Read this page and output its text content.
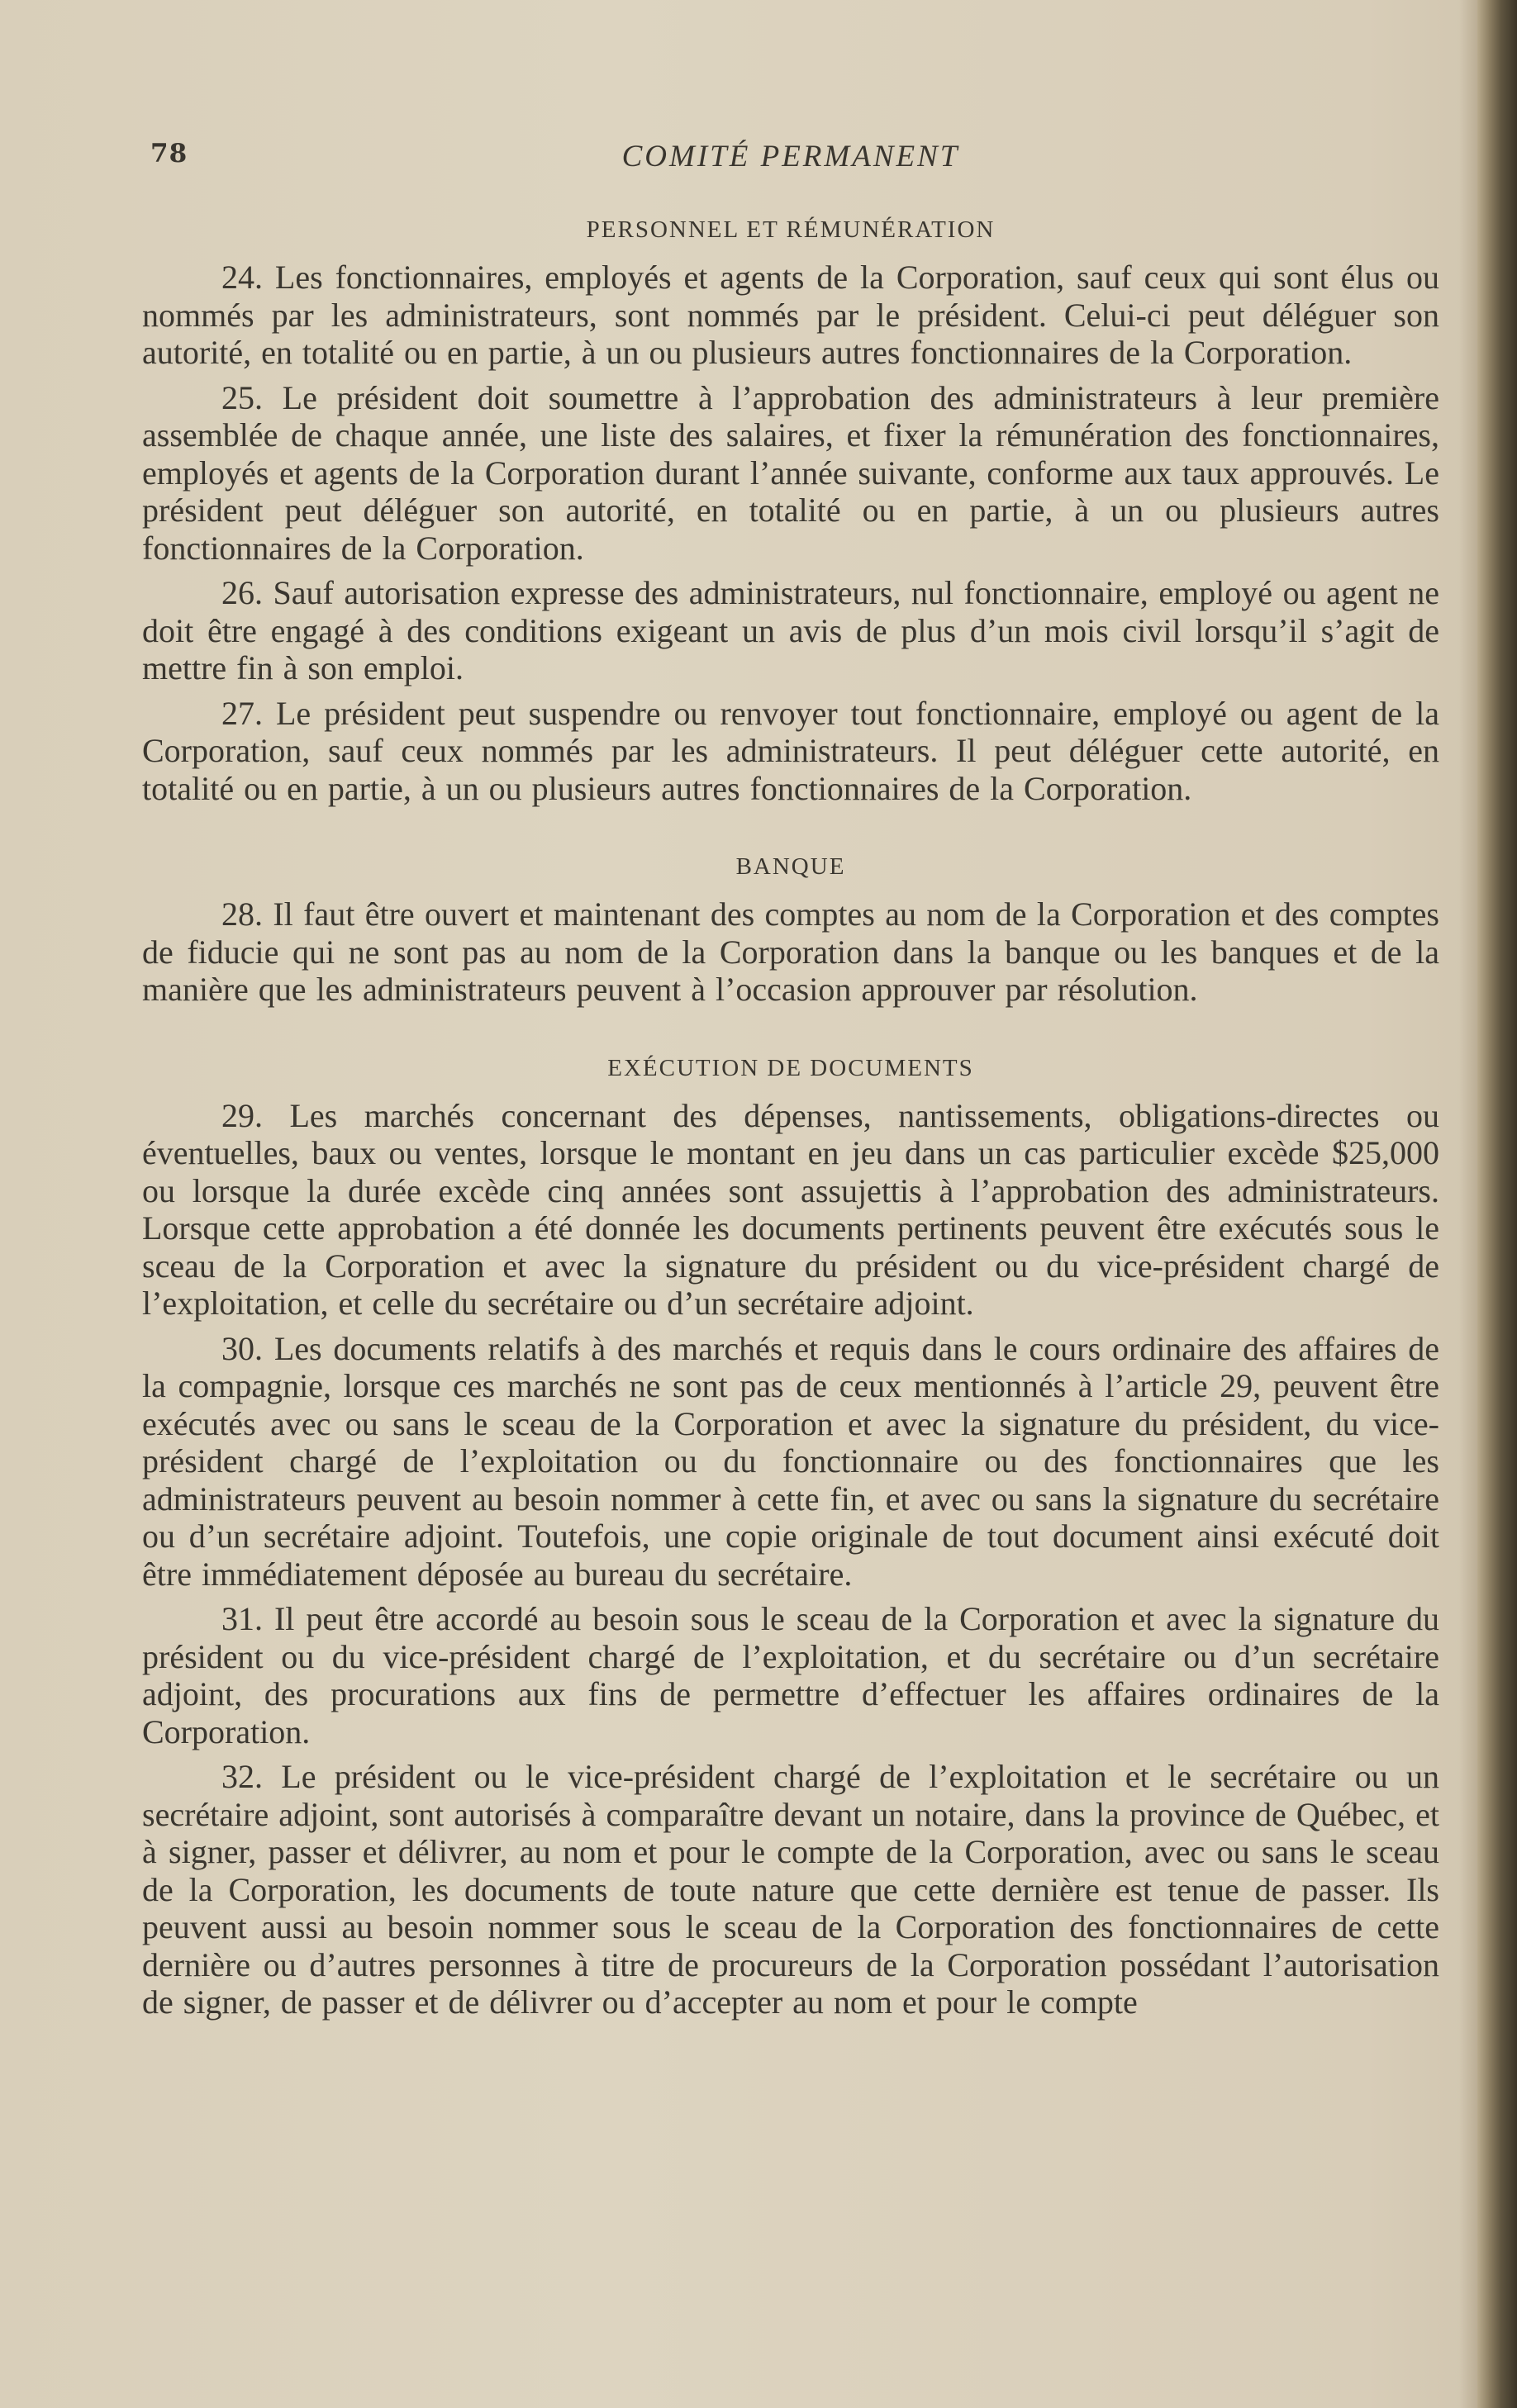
78	COMITÉ PERMANENT
PERSONNEL ET RÉMUNÉRATION

24. Les fonctionnaires, employés et agents de la Corporation, sauf ceux qui sont élus ou nommés par les administrateurs, sont nommés par le président. Celui-ci peut déléguer son autorité, en totalité ou en partie, à un ou plusieurs autres fonctionnaires de la Corporation.

25. Le président doit soumettre à l’approbation des administrateurs à leur première assemblée de chaque année, une liste des salaires, et fixer la rémunération des fonctionnaires, employés et agents de la Corporation durant l’année suivante, conforme aux taux approuvés. Le président peut déléguer son autorité, en totalité ou en partie, à un ou plusieurs autres fonctionnaires de la Corporation.

26. Sauf autorisation expresse des administrateurs, nul fonctionnaire, employé ou agent ne doit être engagé à des conditions exigeant un avis de plus d’un mois civil lorsqu’il s’agit de mettre fin à son emploi.

27. Le président peut suspendre ou renvoyer tout fonctionnaire, employé ou agent de la Corporation, sauf ceux nommés par les administrateurs. Il peut déléguer cette autorité, en totalité ou en partie, à un ou plusieurs autres fonctionnaires de la Corporation.

BANQUE

28. Il faut être ouvert et maintenant des comptes au nom de la Corporation et des comptes de fiducie qui ne sont pas au nom de la Corporation dans la banque ou les banques et de la manière que les administrateurs peuvent à l’occasion approuver par résolution.

EXÉCUTION DE DOCUMENTS

29. Les marchés concernant des dépenses, nantissements, obligations-directes ou éventuelles, baux ou ventes, lorsque le montant en jeu dans un cas particulier excède $25,000 ou lorsque la durée excède cinq années sont assujettis à l’approbation des administrateurs. Lorsque cette approbation a été donnée les documents pertinents peuvent être exécutés sous le sceau de la Corporation et avec la signature du président ou du vice-président chargé de l’exploitation, et celle du secrétaire ou d’un secrétaire adjoint.

30. Les documents relatifs à des marchés et requis dans le cours ordinaire des affaires de la compagnie, lorsque ces marchés ne sont pas de ceux mentionnés à l’article 29, peuvent être exécutés avec ou sans le sceau de la Corporation et avec la signature du président, du vice-président chargé de l’exploitation ou du fonctionnaire ou des fonctionnaires que les administrateurs peuvent au besoin nommer à cette fin, et avec ou sans la signature du secrétaire ou d’un secrétaire adjoint. Toutefois, une copie originale de tout document ainsi exécuté doit être immédiatement déposée au bureau du secrétaire.

31. Il peut être accordé au besoin sous le sceau de la Corporation et avec la signature du président ou du vice-président chargé de l’exploitation, et du secrétaire ou d’un secrétaire adjoint, des procurations aux fins de permettre d’effectuer les affaires ordinaires de la Corporation.

32. Le président ou le vice-président chargé de l’exploitation et le secrétaire ou un secrétaire adjoint, sont autorisés à comparaître devant un notaire, dans la province de Québec, et à signer, passer et délivrer, au nom et pour le compte de la Corporation, avec ou sans le sceau de la Corporation, les documents de toute nature que cette dernière est tenue de passer. Ils peuvent aussi au besoin nommer sous le sceau de la Corporation des fonctionnaires de cette dernière ou d’autres personnes à titre de procureurs de la Corporation possédant l’autorisation de signer, de passer et de délivrer ou d’accepter au nom et pour le compte
